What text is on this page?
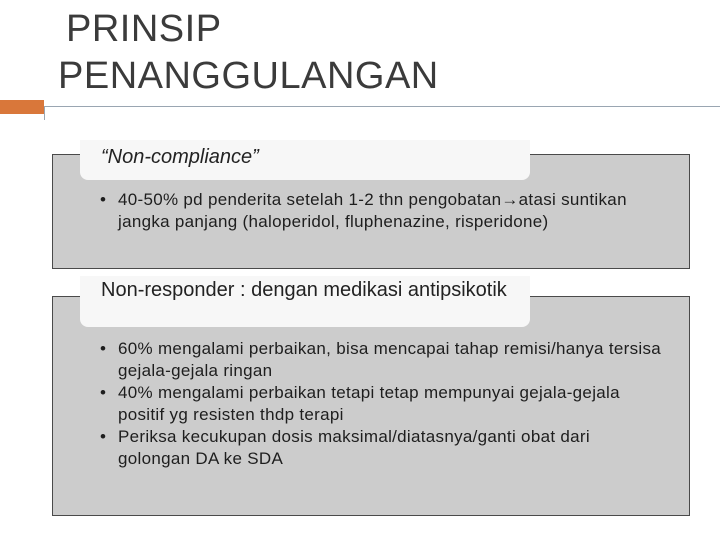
PRINSIP
PENANGGULANGAN
“Non-compliance”
• 40-50% pd penderita setelah 1-2 thn pengobatan→atasi suntikan jangka panjang (haloperidol, fluphenazine, risperidone)
Non-responder : dengan medikasi antipsikotik
• 60% mengalami perbaikan, bisa mencapai tahap remisi/hanya tersisa gejala-gejala ringan
• 40% mengalami perbaikan tetapi tetap mempunyai gejala-gejala positif yg resisten thdp terapi
• Periksa kecukupan dosis maksimal/diatasnya/ganti obat dari golongan DA ke SDA
